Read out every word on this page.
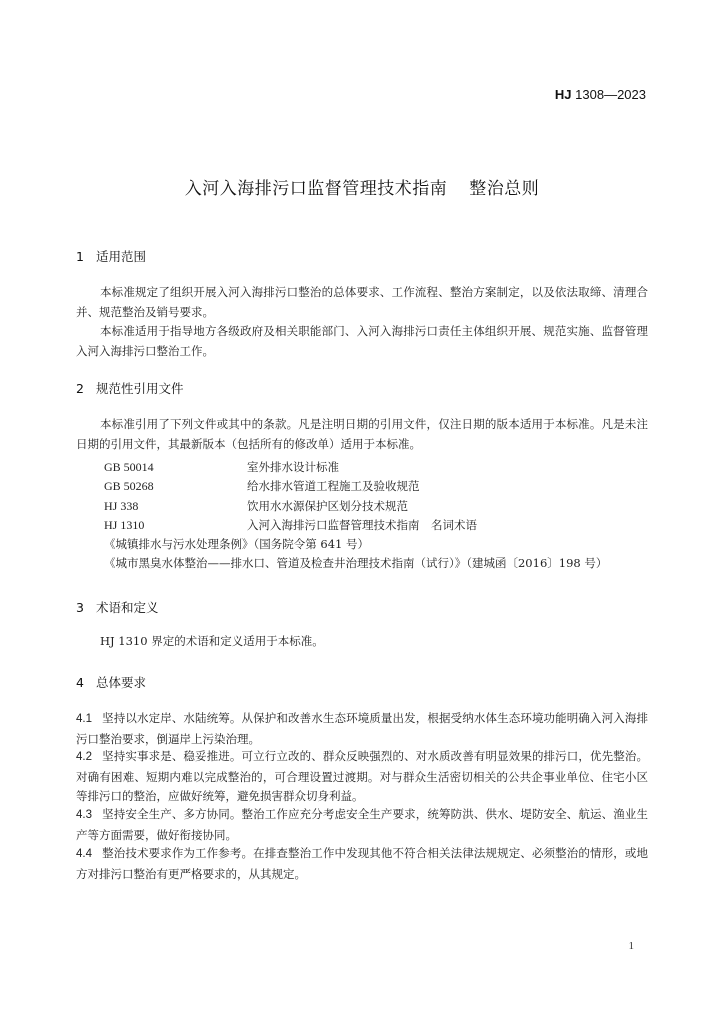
HJ 1308—2023
入河入海排污口监督管理技术指南 整治总则
1 适用范围

本标准规定了组织开展入河入海排污口整治的总体要求、工作流程、整治方案制定，以及依法取缔、清理合并、规范整治及销号要求。

本标准适用于指导地方各级政府及相关职能部门、入河入海排污口责任主体组织开展、规范实施、监督管理入河入海排污口整治工作。

2 规范性引用文件

本标准引用了下列文件或其中的条款。凡是注明日期的引用文件，仅注日期的版本适用于本标准。凡是未注日期的引用文件，其最新版本（包括所有的修改单）适用于本标准。

GB 50014	室外排水设计标准
GB 50268	给水排水管道工程施工及验收规范
HJ 338	饮用水水源保护区划分技术规范
HJ 1310	入河入海排污口监督管理技术指南　名词术语
《城镇排水与污水处理条例》（国务院令第 641 号）
《城市黑臭水体整治——排水口、管道及检查井治理技术指南（试行）》（建城函〔2016〕198 号）
3 术语和定义

HJ 1310 界定的术语和定义适用于本标准。

4 总体要求
4.1 坚持以水定岸、水陆统筹。从保护和改善水生态环境质量出发，根据受纳水体生态环境功能明确入河入海排污口整治要求，倒逼岸上污染治理。
4.2 坚持实事求是、稳妥推进。可立行立改的、群众反映强烈的、对水质改善有明显效果的排污口，优先整治。对确有困难、短期内难以完成整治的，可合理设置过渡期。对与群众生活密切相关的公共企事业单位、住宅小区等排污口的整治，应做好统筹，避免损害群众切身利益。
4.3 坚持安全生产、多方协同。整治工作应充分考虑安全生产要求，统筹防洪、供水、堤防安全、航运、渔业生产等方面需要，做好衔接协同。
4.4 整治技术要求作为工作参考。在排查整治工作中发现其他不符合相关法律法规规定、必须整治的情形，或地方对排污口整治有更严格要求的，从其规定。
1
